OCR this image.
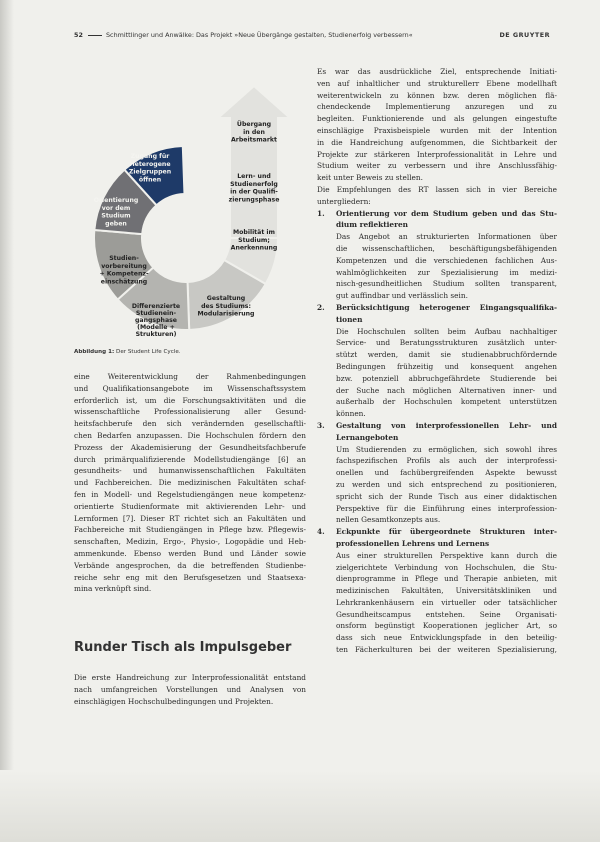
52	Schmittlinger und Anwälke: Das Projekt »Neue Übergänge gestalten, Studienerfolg verbessern«	DE GRUYTER
Übergang in den Arbeitsmarkt
Lern- und Studienerfolg in der Qualifi-zierungsphase
Mobilität im Studium; Anerkennung
Gestaltung des Studiums: Modularisierung
Differenzierte Studienein-gangsphase (Modelle + Strukturen)
Studien-vorbereitung + Kompetenz-einschätzung
Orientierung vor dem Studium geben
Zugang für Heterogene Zielgruppen öffnen
Abbildung 1: Der Student Life Cycle.
eine Weiterentwicklung der Rahmenbedingungen
und Qualifikationsangebote im Wissenschaftssystem
erforderlich ist, um die Forschungsaktivitäten und die
wissenschaftliche Professionalisierung aller Gesund-
heitsfachberufe den sich verändernden gesellschaftli-
chen Bedarfen anzupassen. Die Hochschulen fördern den
Prozess der Akademisierung der Gesundheitsfachberufe
durch primärqualifizierende Modellstudiengänge [6] an
gesundheits- und humanwissenschaftlichen Fakultäten
und Fachbereichen. Die medizinischen Fakultäten schaf-
fen in Modell- und Regelstudiengängen neue kompetenz-
orientierte Studienformate mit aktivierenden Lehr- und
Lernformen [7]. Dieser RT richtet sich an Fakultäten und
Fachbereiche mit Studiengängen in Pflege bzw. Pflegewis-
senschaften, Medizin, Ergo-, Physio-, Logopädie und Heb-
ammenkunde. Ebenso werden Bund und Länder sowie
Verbände angesprochen, da die betreffenden Studienbe-
reiche sehr eng mit den Berufsgesetzen und Staatsexa-
mina verknüpft sind.
Runder Tisch als Impulsgeber
Die erste Handreichung zur Interprofessionalität entstand
nach umfangreichen Vorstellungen und Analysen von
einschlägigen Hochschulbedingungen und Projekten.
Es war das ausdrückliche Ziel, entsprechende Initiati-
ven auf inhaltlicher und strukturellerr Ebene modellhaft
weiterentwickeln zu können bzw. deren möglichen flä-
chendeckende Implementierung anzuregen und zu
begleiten. Funktionierende und als gelungen eingestufte
einschlägige Praxisbeispiele wurden mit der Intention
in die Handreichung aufgenommen, die Sichtbarkeit der
Projekte zur stärkeren Interprofessionalität in Lehre und
Studium weiter zu verbessern und ihre Anschlussfähig-
keit unter Beweis zu stellen.
Die Empfehlungen des RT lassen sich in vier Bereiche
untergliedern:
1. Orientierung vor dem Studium geben und das Stu-
dium reflektieren
Das Angebot an strukturierten Informationen über
die wissenschaftlichen, beschäftigungsbefähigenden
Kompetenzen und die verschiedenen fachlichen Aus-
wahlmöglichkeiten zur Spezialisierung im medizi-
nisch-gesundheitlichen Studium sollten transparent,
gut auffindbar und verlässlich sein.
2. Berücksichtigung heterogener Eingangsqualifika-
tionen
Die Hochschulen sollten beim Aufbau nachhaltiger
Service- und Beratungsstrukturen zusätzlich unter-
stützt werden, damit sie studienabbruchfördernde
Bedingungen frühzeitig und konsequent angehen
bzw. potenziell abbruchgefährdete Studierende bei
der Suche nach möglichen Alternativen inner- und
außerhalb der Hochschulen kompetent unterstützen
können.
3. Gestaltung von interprofessionellen Lehr- und
Lernangeboten
Um Studierenden zu ermöglichen, sich sowohl ihres
fachspezifischen Profils als auch der interprofessi-
onellen und fachübergreifenden Aspekte bewusst
zu werden und sich entsprechend zu positionieren,
spricht sich der Runde Tisch aus einer didaktischen
Perspektive für die Einführung eines interprofession-
nellen Gesamtkonzepts aus.
4. Eckpunkte für übergeordnete Strukturen inter-
professionellen Lehrens und Lernens
Aus einer strukturellen Perspektive kann durch die
zielgerichtete Verbindung von Hochschulen, die Stu-
dienprogramme in Pflege und Therapie anbieten, mit
medizinischen Fakultäten, Universitätskliniken und
Lehrkrankenhäusern ein virtueller oder tatsächlicher
Gesundheitscampus entstehen. Seine Organisati-
onsform begünstigt Kooperationen jeglicher Art, so
dass sich neue Entwicklungspfade in den beteilig-
ten Fächerkulturen bei der weiteren Spezialisierung,
